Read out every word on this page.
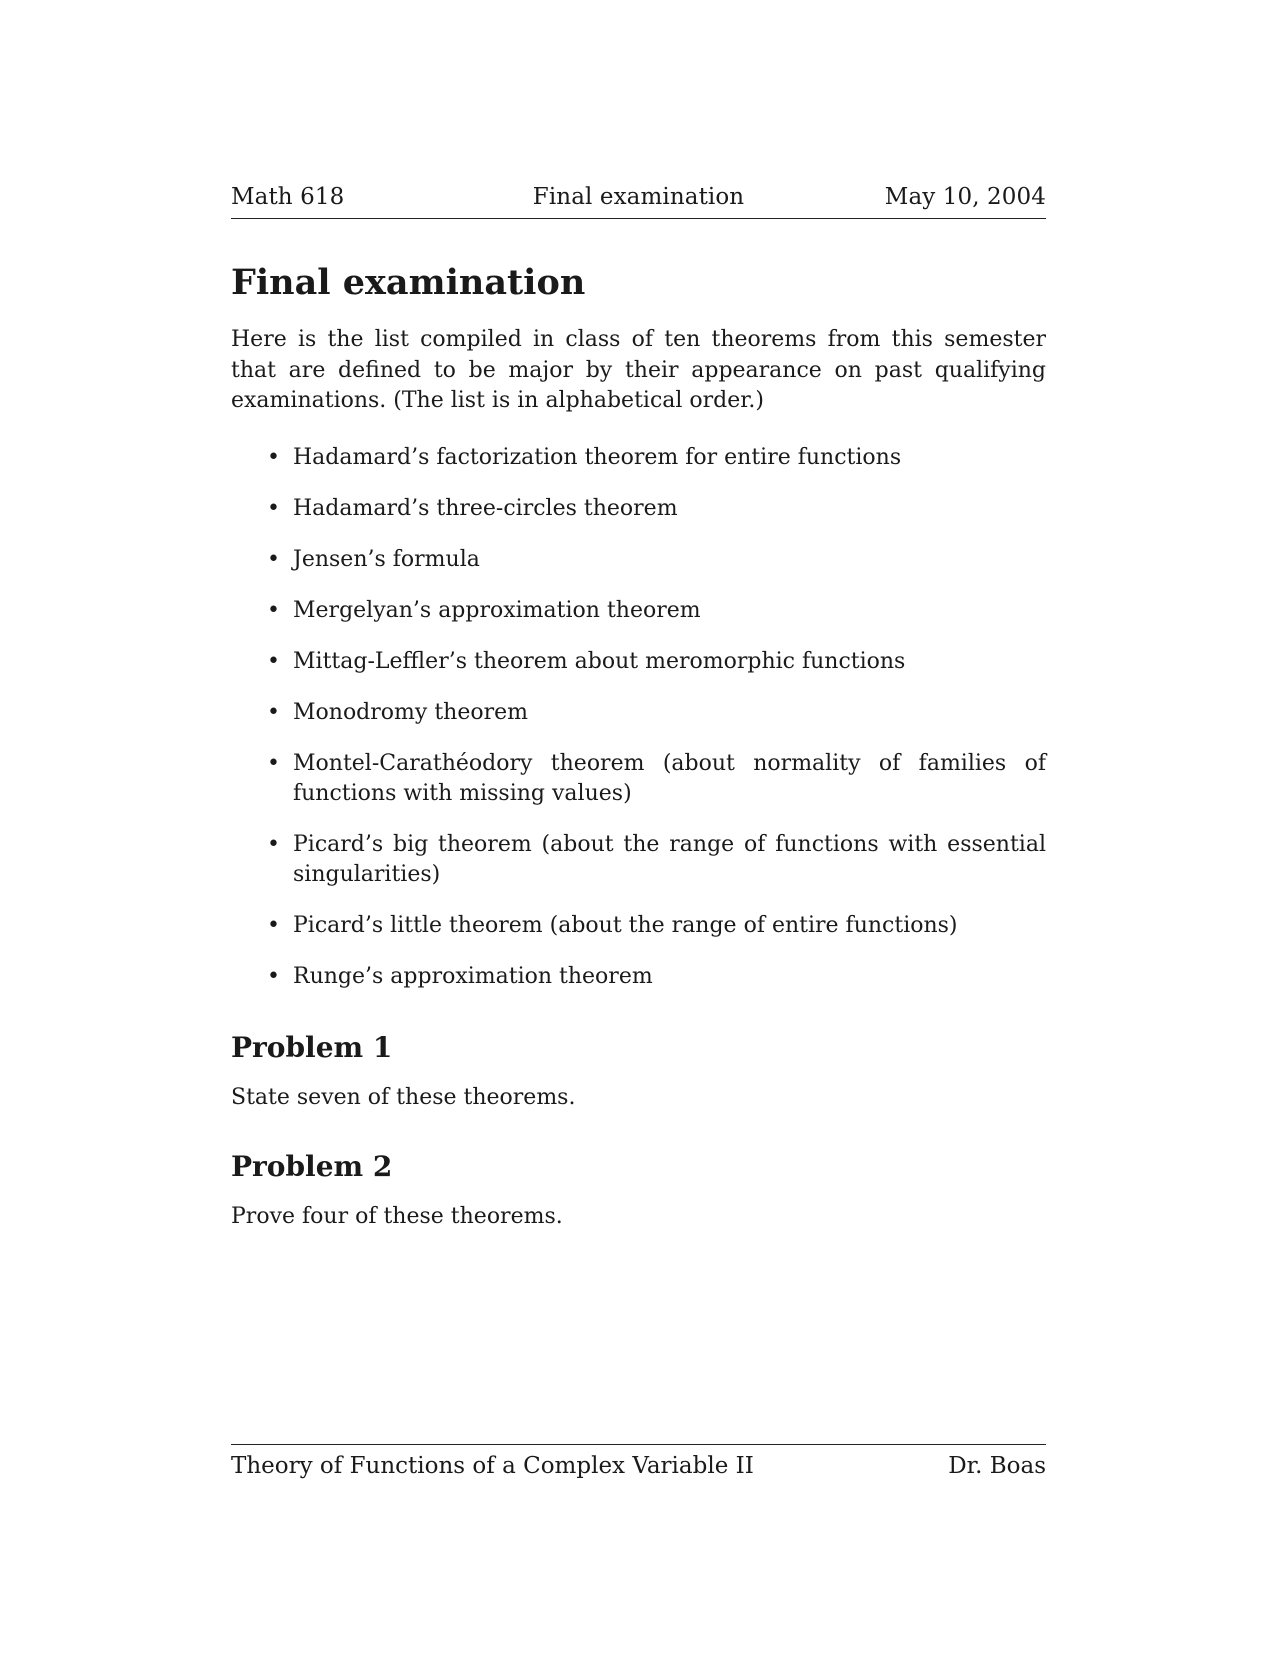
Math 618	Final examination	May 10, 2004
Final examination

Here is the list compiled in class of ten theorems from this semester that are defined to be major by their appearance on past qualifying examinations. (The list is in alphabetical order.)

• Hadamard’s factorization theorem for entire functions
• Hadamard’s three-circles theorem
• Jensen’s formula
• Mergelyan’s approximation theorem
• Mittag-Leffler’s theorem about meromorphic functions
• Monodromy theorem
• Montel-Carathéodory theorem (about normality of families of functions with missing values)
• Picard’s big theorem (about the range of functions with essential singularities)
• Picard’s little theorem (about the range of entire functions)
• Runge’s approximation theorem
Problem 1

State seven of these theorems.

Problem 2

Prove four of these theorems.

Theory of Functions of a Complex Variable II	Dr. Boas
